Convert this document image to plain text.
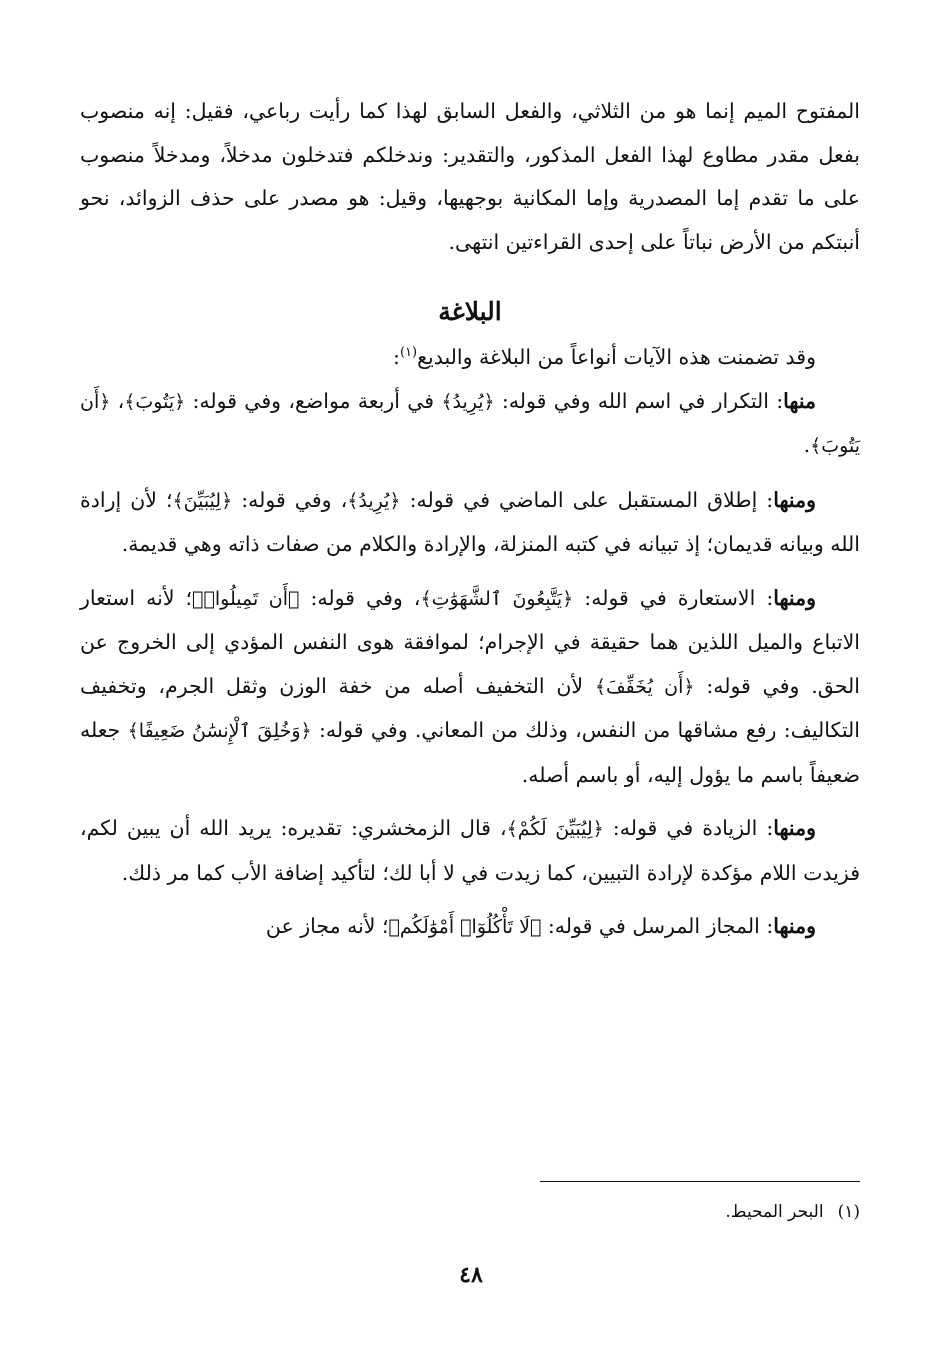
المفتوح الميم إنما هو من الثلاثي، والفعل السابق لهذا كما رأيت رباعي، فقيل: إنه منصوب بفعل مقدر مطاوع لهذا الفعل المذكور، والتقدير: وندخلكم فتدخلون مدخلاً، ومدخلاً منصوب على ما تقدم إما المصدرية وإما المكانية بوجهيها، وقيل: هو مصدر على حذف الزوائد، نحو أنبتكم من الأرض نباتاً على إحدى القراءتين انتهى.

البلاغة

وقد تضمنت هذه الآيات أنواعاً من البلاغة والبديع$^{(١)}$:

منها: التكرار في اسم الله وفي قوله: ﴿يُرِيدُ﴾ في أربعة مواضع، وفي قوله: ﴿يَتُوبَ﴾، ﴿أَن يَتُوبَ﴾.

ومنها: إطلاق المستقبل على الماضي في قوله: ﴿يُرِيدُ﴾، وفي قوله: ﴿لِيُبَيِّنَ﴾؛ لأن إرادة الله وبيانه قديمان؛ إذ تبيانه في كتبه المنزلة، والإرادة والكلام من صفات ذاته وهي قديمة.

ومنها: الاستعارة في قوله: ﴿يَتَّبِعُونَ ٱلشَّهَوَٰتِ﴾، وفي قوله: ﴿أَن تَمِيلُوا۟﴾؛ لأنه استعار الاتباع والميل اللذين هما حقيقة في الإجرام؛ لموافقة هوى النفس المؤدي إلى الخروج عن الحق. وفي قوله: ﴿أَن يُخَفِّفَ﴾ لأن التخفيف أصله من خفة الوزن وثقل الجرم، وتخفيف التكاليف: رفع مشاقها من النفس، وذلك من المعاني. وفي قوله: ﴿وَخُلِقَ ٱلْإِنسَٰنُ ضَعِيفًا﴾ جعله ضعيفاً باسم ما يؤول إليه، أو باسم أصله.

ومنها: الزيادة في قوله: ﴿لِيُبَيِّنَ لَكُمْ﴾، قال الزمخشري: تقديره: يريد الله أن يبين لكم، فزيدت اللام مؤكدة لإرادة التبيين، كما زيدت في لا أبا لك؛ لتأكيد إضافة الأب كما مر ذلك.

ومنها: المجاز المرسل في قوله: ﴿لَا تَأْكُلُوٓا۟ أَمْوَٰلَكُم﴾؛ لأنه مجاز عن

(١)البحر المحيط.
٤٨
